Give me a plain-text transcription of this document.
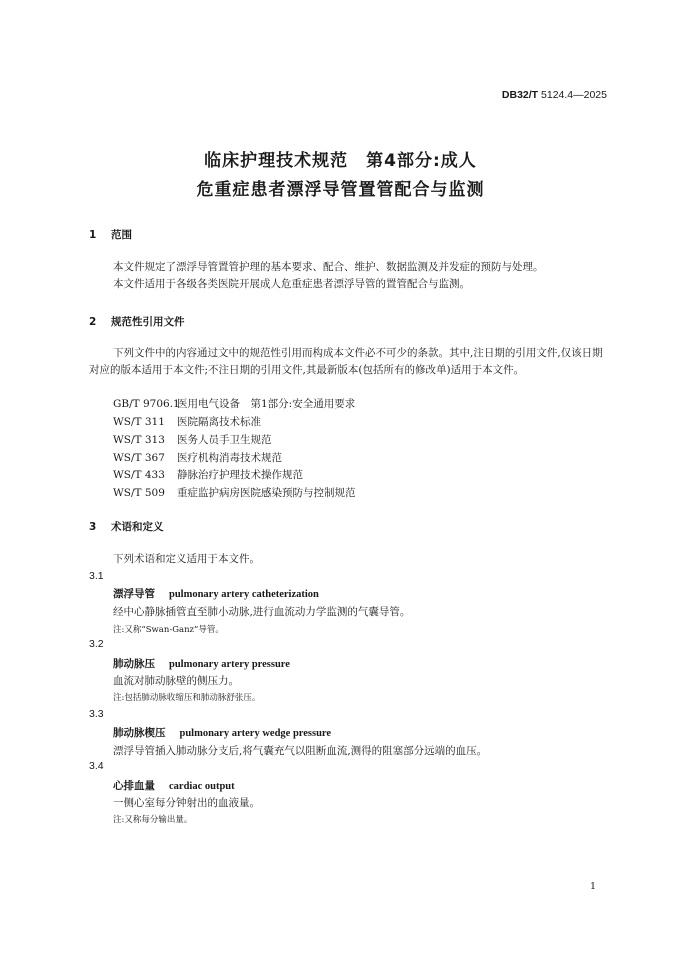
DB32/T 5124.4—2025
临床护理技术规范　第4部分:成人
危重症患者漂浮导管置管配合与监测
1 范围
本文件规定了漂浮导管置管护理的基本要求、配合、维护、数据监测及并发症的预防与处理。
本文件适用于各级各类医院开展成人危重症患者漂浮导管的置管配合与监测。
2 规范性引用文件
下列文件中的内容通过文中的规范性引用而构成本文件必不可少的条款。其中,注日期的引用文件,仅该日期对应的版本适用于本文件;不注日期的引用文件,其最新版本(包括所有的修改单)适用于本文件。
GB/T 9706.1医用电气设备　第1部分:安全通用要求
WS/T 311 医院隔离技术标准
WS/T 313 医务人员手卫生规范
WS/T 367 医疗机构消毒技术规范
WS/T 433 静脉治疗护理技术操作规范
WS/T 509 重症监护病房医院感染预防与控制规范
3 术语和定义
下列术语和定义适用于本文件。
3.1
漂浮导管 pulmonary artery catheterization
经中心静脉插管直至肺小动脉,进行血流动力学监测的气囊导管。
注:又称“Swan-Ganz”导管。
3.2
肺动脉压 pulmonary artery pressure
血流对肺动脉壁的侧压力。
注:包括肺动脉收缩压和肺动脉舒张压。
3.3
肺动脉楔压 pulmonary artery wedge pressure
漂浮导管插入肺动脉分支后,将气囊充气以阻断血流,测得的阻塞部分远端的血压。
3.4
心排血量 cardiac output
一侧心室每分钟射出的血液量。
注:又称每分输出量。
1
